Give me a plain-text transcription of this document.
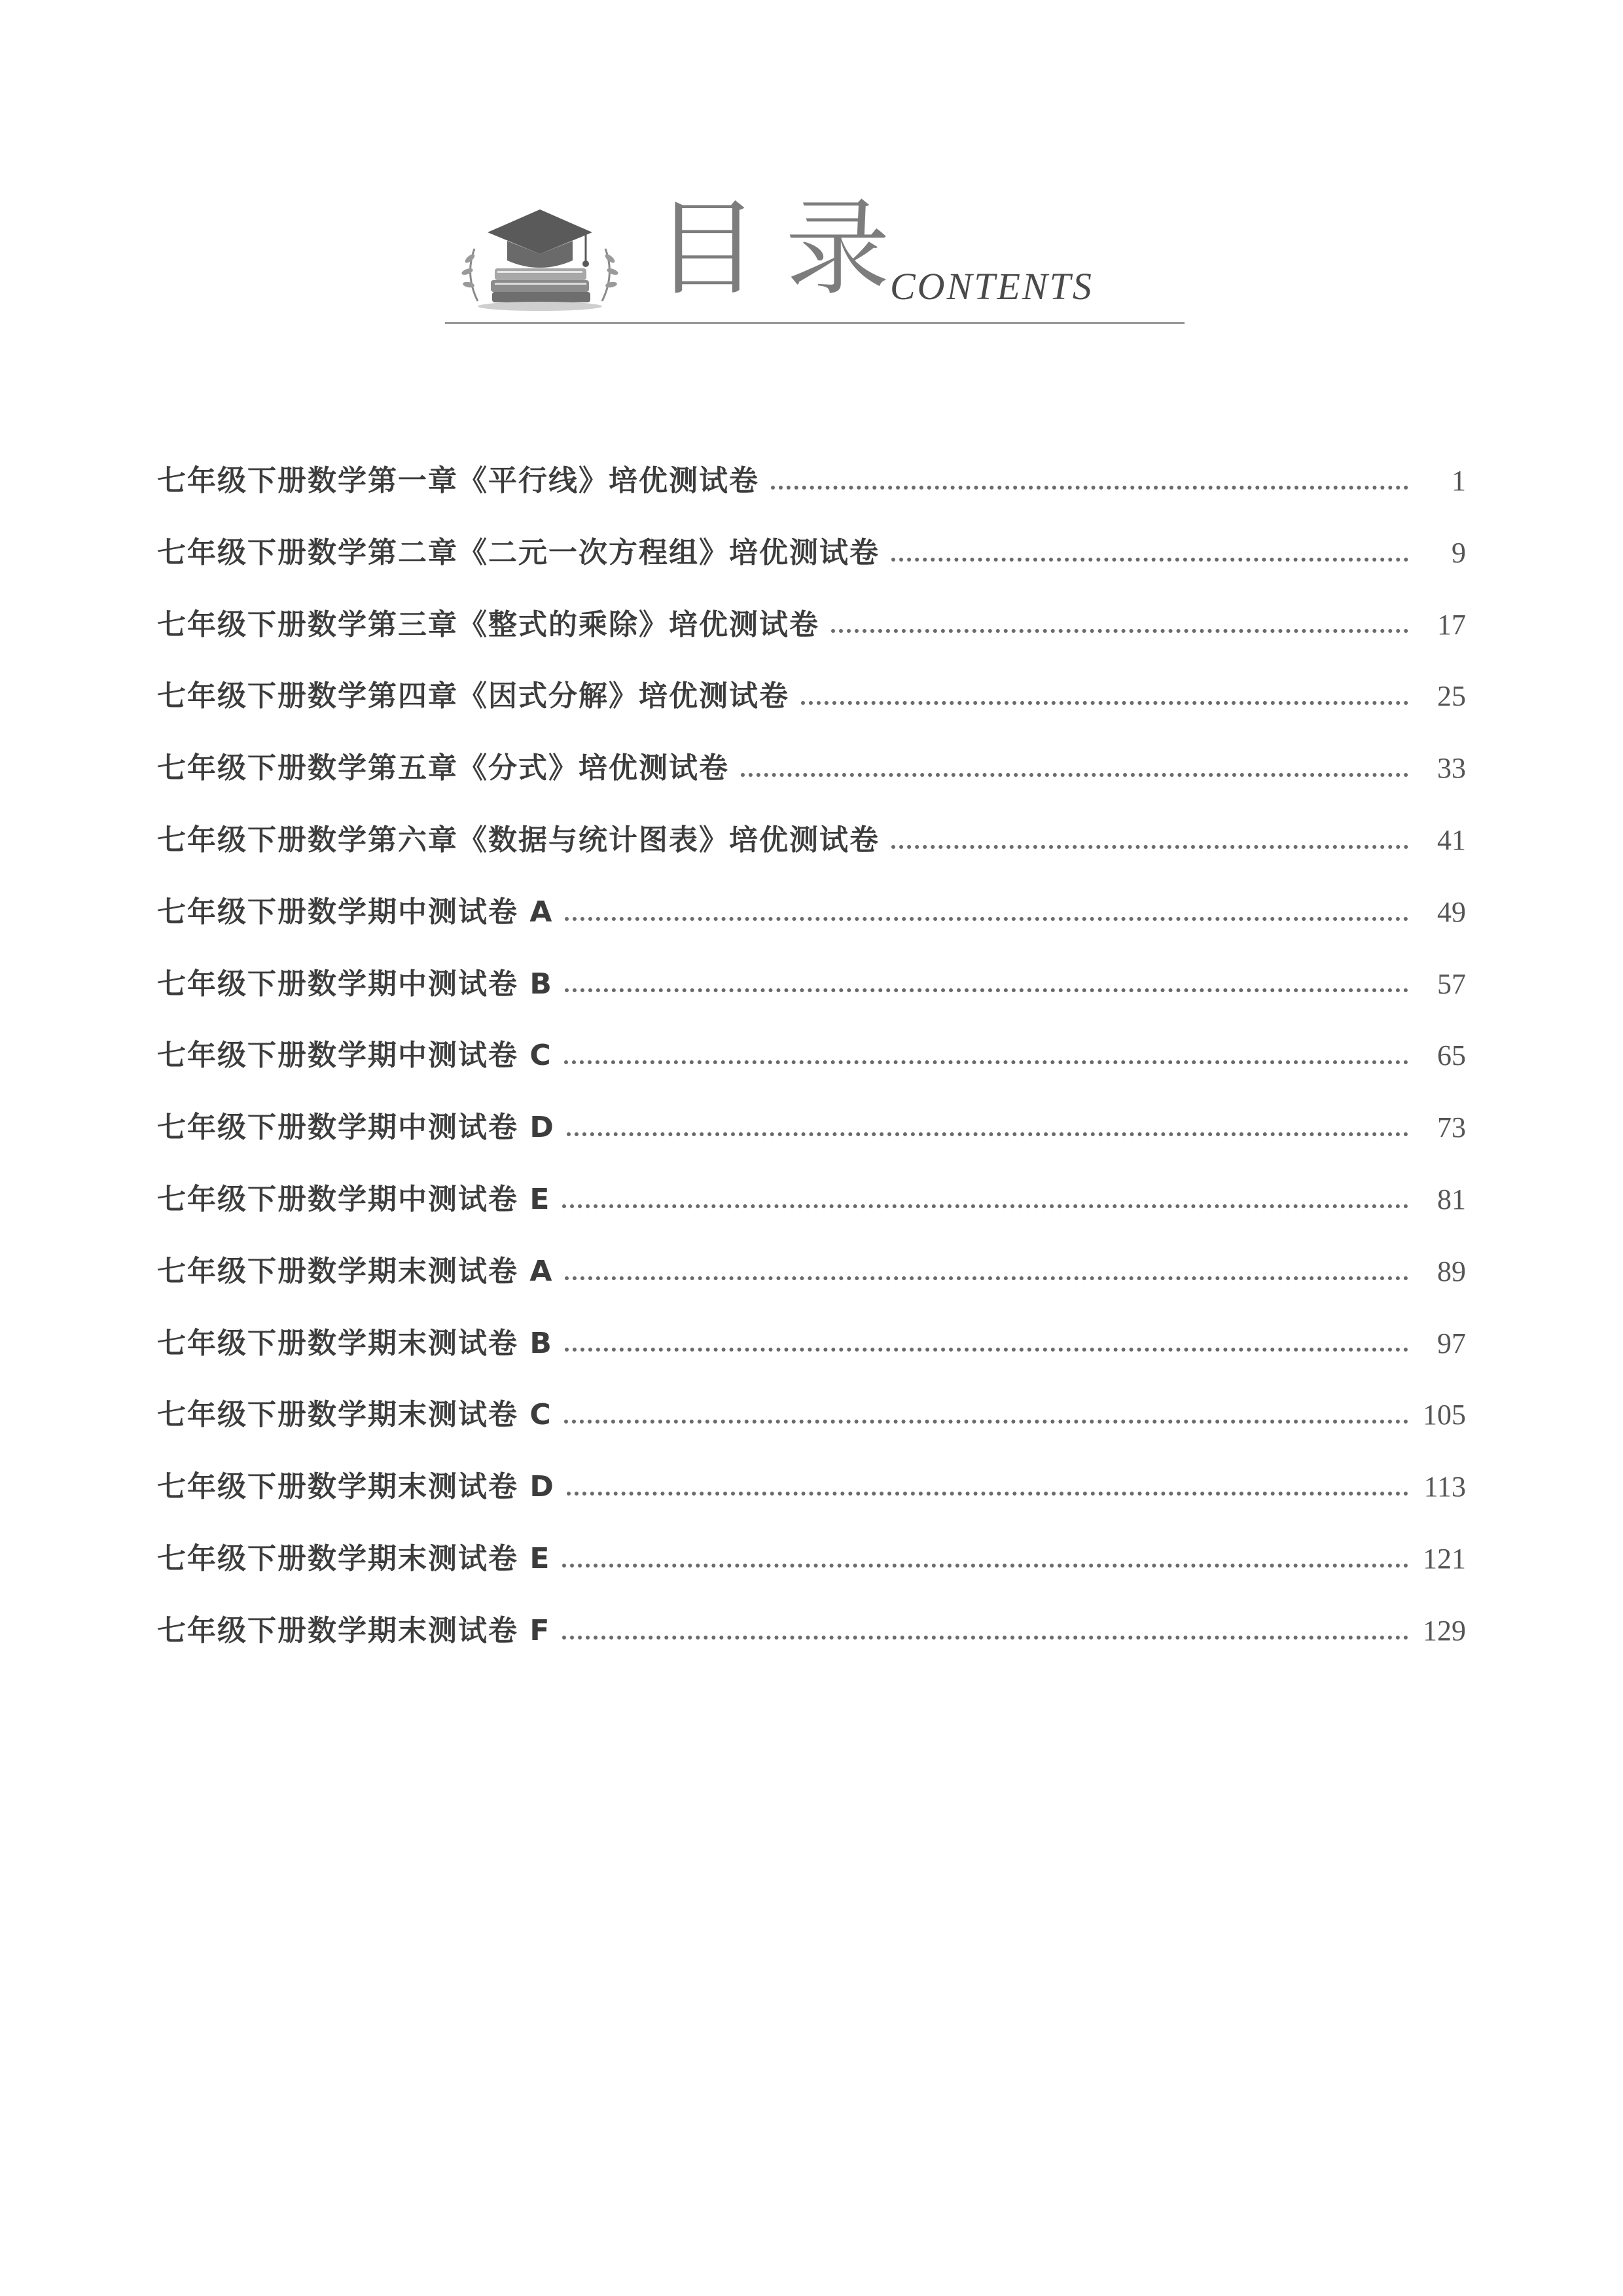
目录
CONTENTS
七年级下册数学第一章《平行线》培优测试卷	1
七年级下册数学第二章《二元一次方程组》培优测试卷	9
七年级下册数学第三章《整式的乘除》培优测试卷	17
七年级下册数学第四章《因式分解》培优测试卷	25
七年级下册数学第五章《分式》培优测试卷	33
七年级下册数学第六章《数据与统计图表》培优测试卷	41
七年级下册数学期中测试卷 A	49
七年级下册数学期中测试卷 B	57
七年级下册数学期中测试卷 C	65
七年级下册数学期中测试卷 D	73
七年级下册数学期中测试卷 E	81
七年级下册数学期末测试卷 A	89
七年级下册数学期末测试卷 B	97
七年级下册数学期末测试卷 C	105
七年级下册数学期末测试卷 D	113
七年级下册数学期末测试卷 E	121
七年级下册数学期末测试卷 F	129
